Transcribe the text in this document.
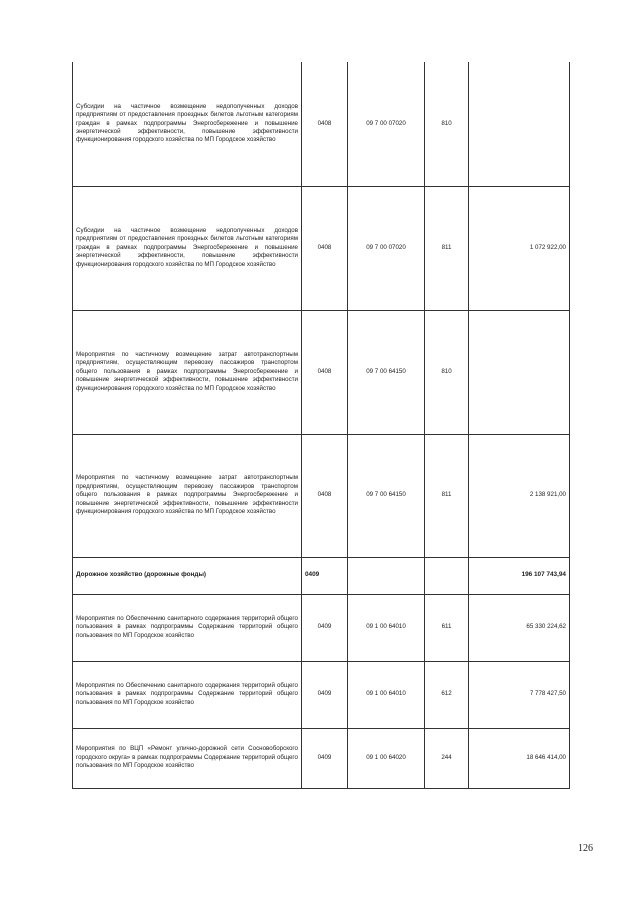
Субсидии на частичное возмещение недополученных доходов предприятиям от предоставления проездных билетов льготным категориям граждан в рамках подпрограммы Энергосбережение и повышение энергетической эффективности, повышение эффективности функционирования городского хозяйства по МП Городское хозяйство	0408	09 7 00 07020	810	
Субсидии на частичное возмещение недополученных доходов предприятиям от предоставления проездных билетов льготным категориям граждан в рамках подпрограммы Энергосбережение и повышение энергетической эффективности, повышение эффективности функционирования городского хозяйства по МП Городское хозяйство	0408	09 7 00 07020	811	1 072 922,00
Мероприятия по частичному возмещение затрат автотранспортным предприятиям, осуществляющим перевозку пассажиров транспортом общего пользования в рамках подпрограммы Энергосбережение и повышение энергетической эффективности, повышение эффективности функционирования городского хозяйства по МП Городское хозяйство	0408	09 7 00 64150	810	
Мероприятия по частичному возмещение затрат автотранспортным предприятиям, осуществляющим перевозку пассажиров транспортом общего пользования в рамках подпрограммы Энергосбережение и повышение энергетической эффективности, повышение эффективности функционирования городского хозяйства по МП Городское хозяйство	0408	09 7 00 64150	811	2 138 921,00
Дорожное хозяйство (дорожные фонды)	0409			196 107 743,94
Мероприятия по Обеспечению санитарного содержания территорий общего пользования в рамках подпрограммы Содержание территорий общего пользования по МП Городское хозяйство	0409	09 1 00 64010	611	65 330 224,62
Мероприятия по Обеспечению санитарного содержания территорий общего пользования в рамках подпрограммы Содержание территорий общего пользования по МП Городское хозяйство	0409	09 1 00 64010	612	7 778 427,50
Мероприятия по ВЦП «Ремонт улично-дорожной сети Сосновоборского городского округа» в рамках подпрограммы Содержание территорий общего пользования по МП Городское хозяйство	0409	09 1 00 64020	244	18 646 414,00
126
